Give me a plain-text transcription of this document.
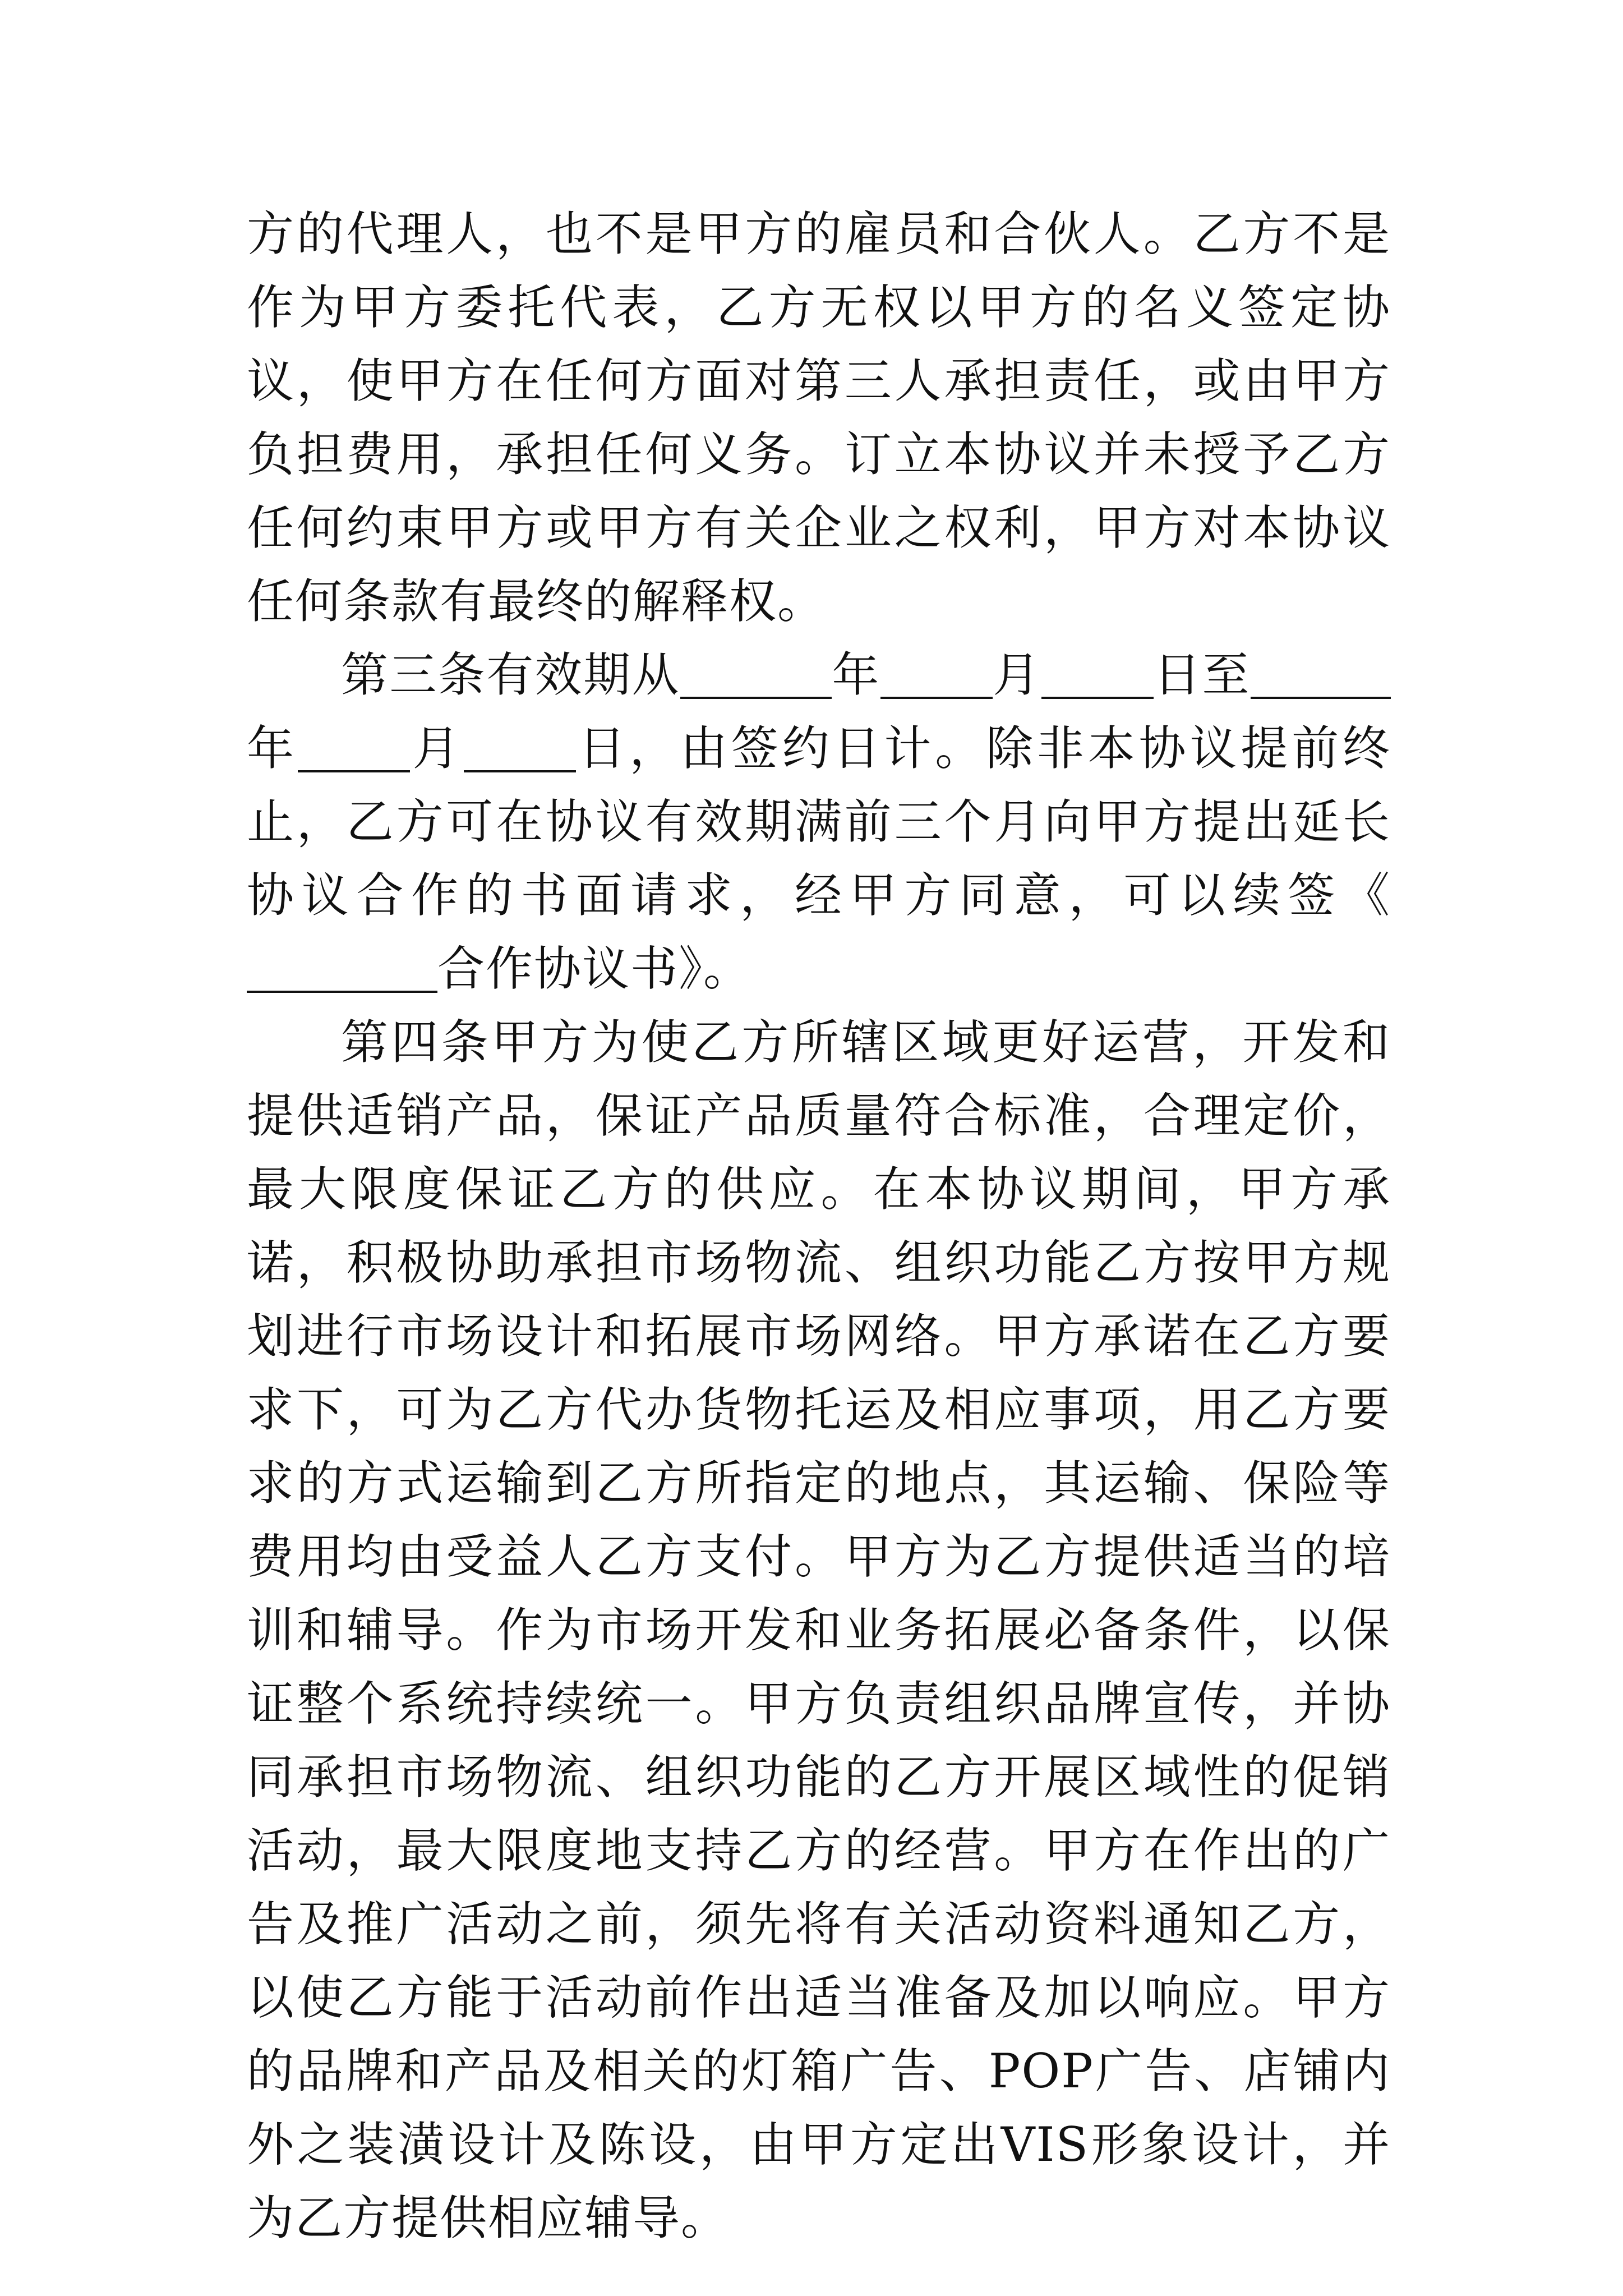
方的代理人，也不是甲方的雇员和合伙人。乙方不是作为甲方委托代表，乙方无权以甲方的名义签定协议，使甲方在任何方面对第三人承担责任，或由甲方负担费用，承担任何义务。订立本协议并未授予乙方任何约束甲方或甲方有关企业之权利，甲方对本协议任何条款有最终的解释权。

第三条有效期从	年 月 日至年 月 日，由签约日计。除非本协议提前终止，乙方可在协议有效期满前三个月向甲方提出延长协议合作的书面请求，经甲方同意，可以续签《合作协议书》。

第四条甲方为使乙方所辖区域更好运营，开发和提供适销产品，保证产品质量符合标准，合理定价，最大限度保证乙方的供应。在本协议期间，甲方承诺，积极协助承担市场物流、组织功能乙方按甲方规划进行市场设计和拓展市场网络。甲方承诺在乙方要求下，可为乙方代办货物托运及相应事项，用乙方要求的方式运输到乙方所指定的地点，其运输、保险等费用均由受益人乙方支付。甲方为乙方提供适当的培训和辅导。作为市场开发和业务拓展必备条件，以保证整个系统持续统一。甲方负责组织品牌宣传，并协同承担市场物流、组织功能的乙方开展区域性的促销活动，最大限度地支持乙方的经营。甲方在作出的广告及推广活动之前，须先将有关活动资料通知乙方，以使乙方能于活动前作出适当准备及加以响应。甲方的品牌和产品及相关的灯箱广告、POP广告、店铺内外之装潢设计及陈设，由甲方定出VIS形象设计，并为乙方提供相应辅导。
